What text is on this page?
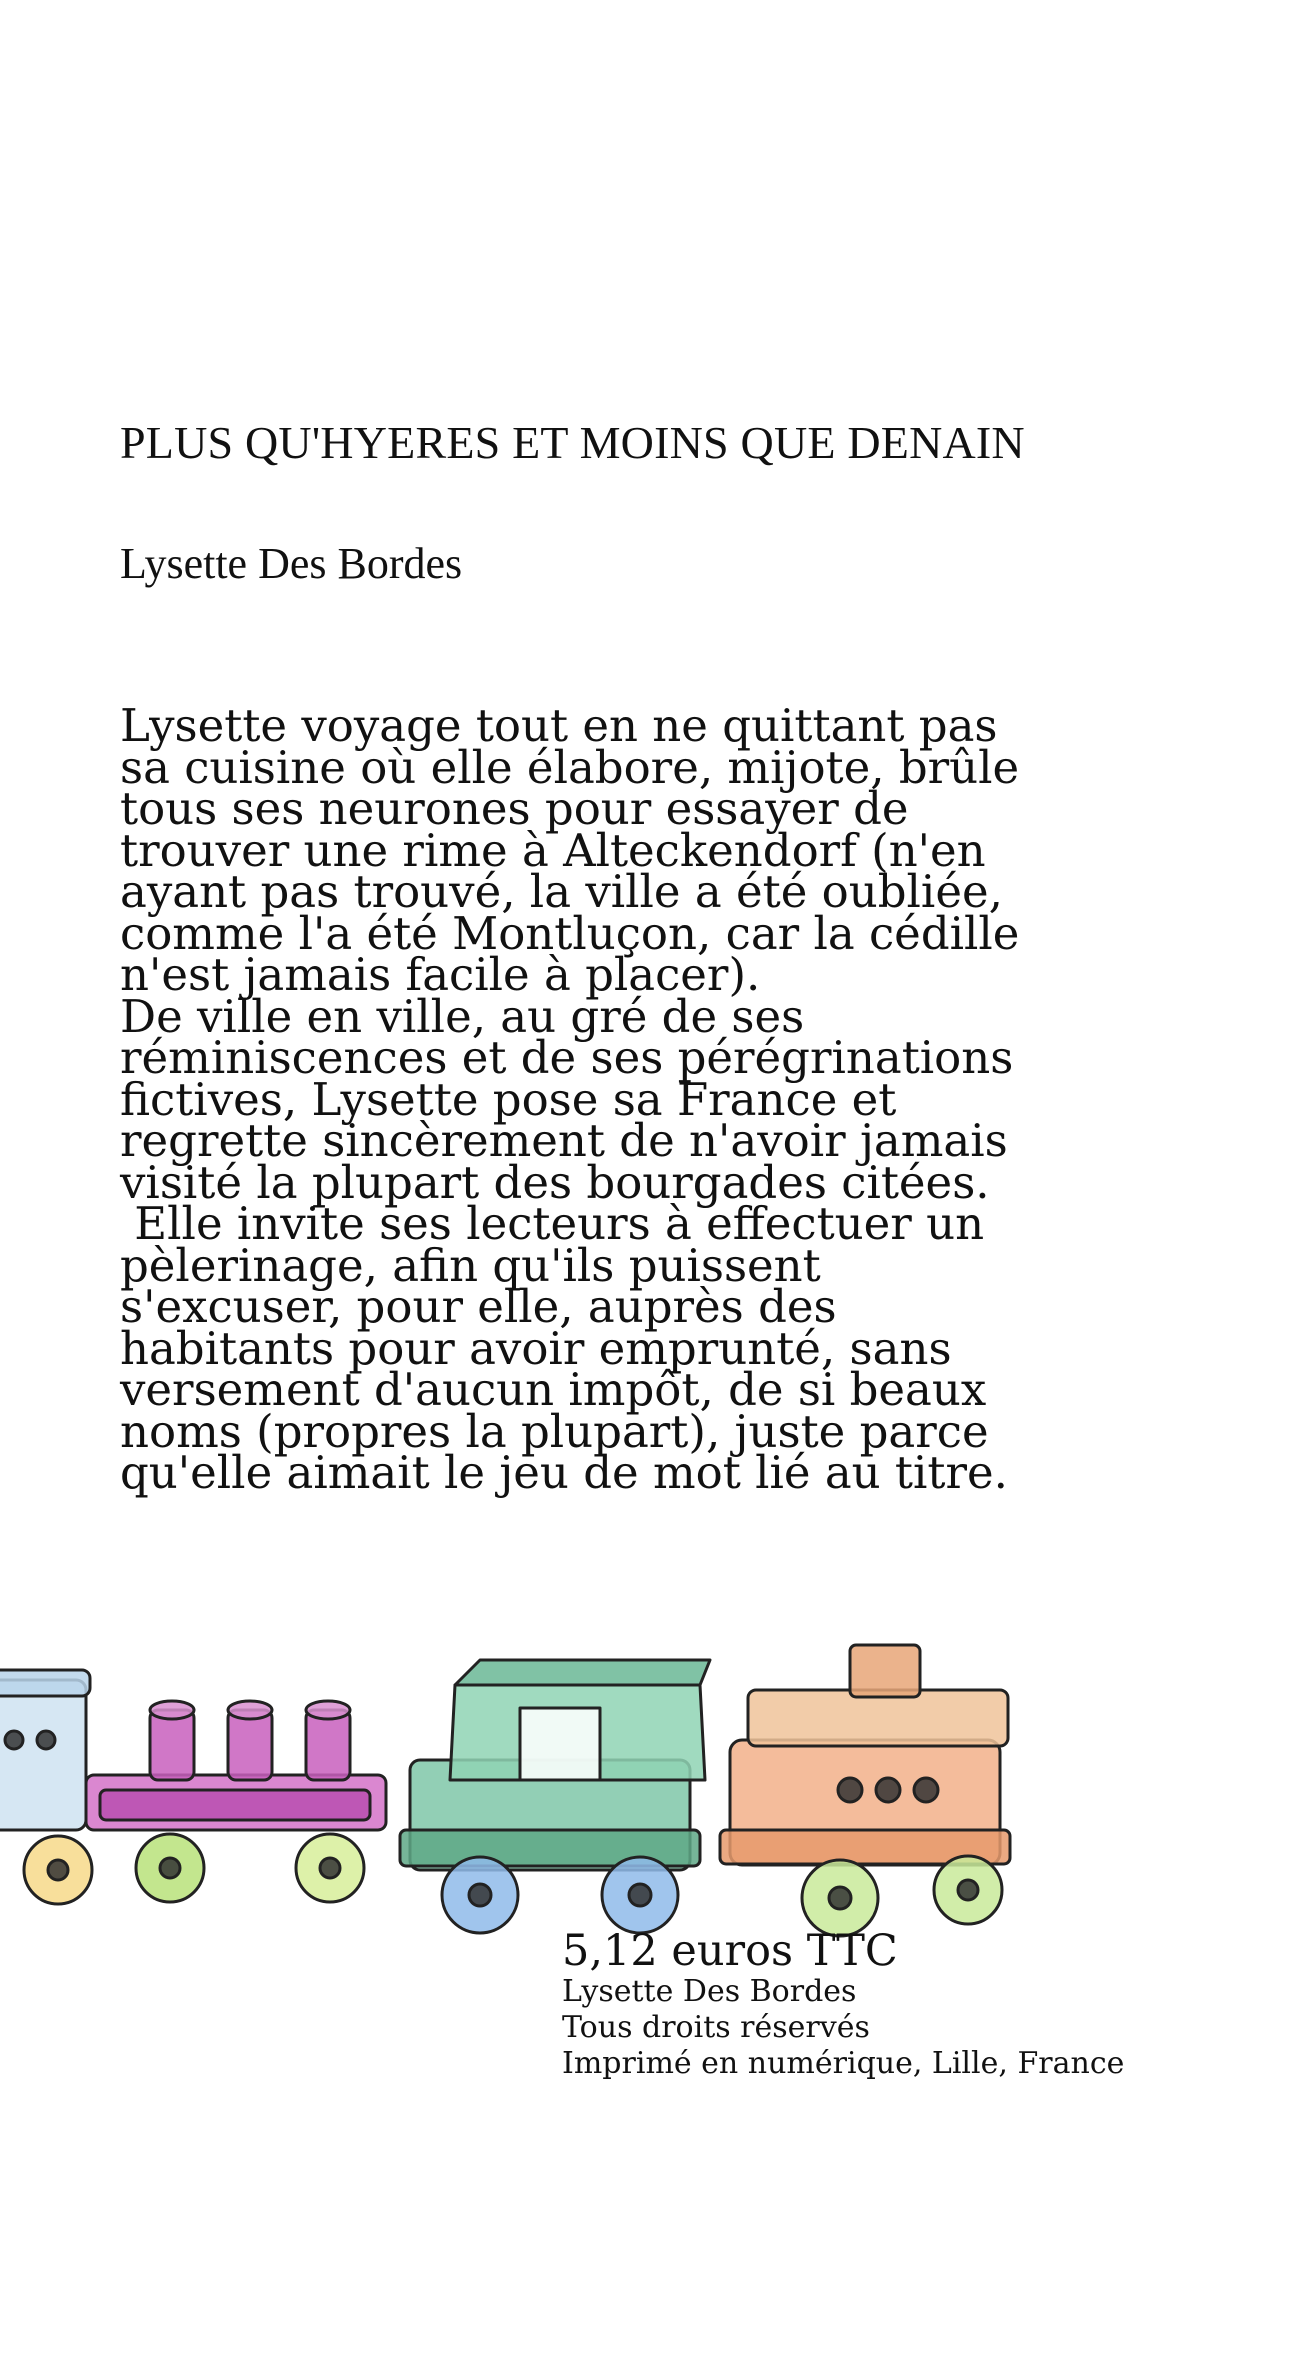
PLUS QU'HYERES ET MOINS QUE DENAIN

Lysette Des Bordes

Lysette voyage tout en ne quittant pas
sa cuisine où elle élabore, mijote, brûle
tous ses neurones pour essayer de
trouver une rime à Alteckendorf (n'en
ayant pas trouvé, la ville a été oubliée,
comme l'a été Montluçon, car la cédille
n'est jamais facile à placer).
De ville en ville, au gré de ses
réminiscences et de ses pérégrinations
fictives, Lysette pose sa France et
regrette sincèrement de n'avoir jamais
visité la plupart des bourgades citées.
Elle invite ses lecteurs à effectuer un
pèlerinage, afin qu'ils puissent
s'excuser, pour elle, auprès des
habitants pour avoir emprunté, sans
versement d'aucun impôt, de si beaux
noms (propres la plupart), juste parce
qu'elle aimait le jeu de mot lié au titre.

5,12 euros TTC
Lysette Des Bordes
Tous droits réservés
Imprimé en numérique, Lille, France
